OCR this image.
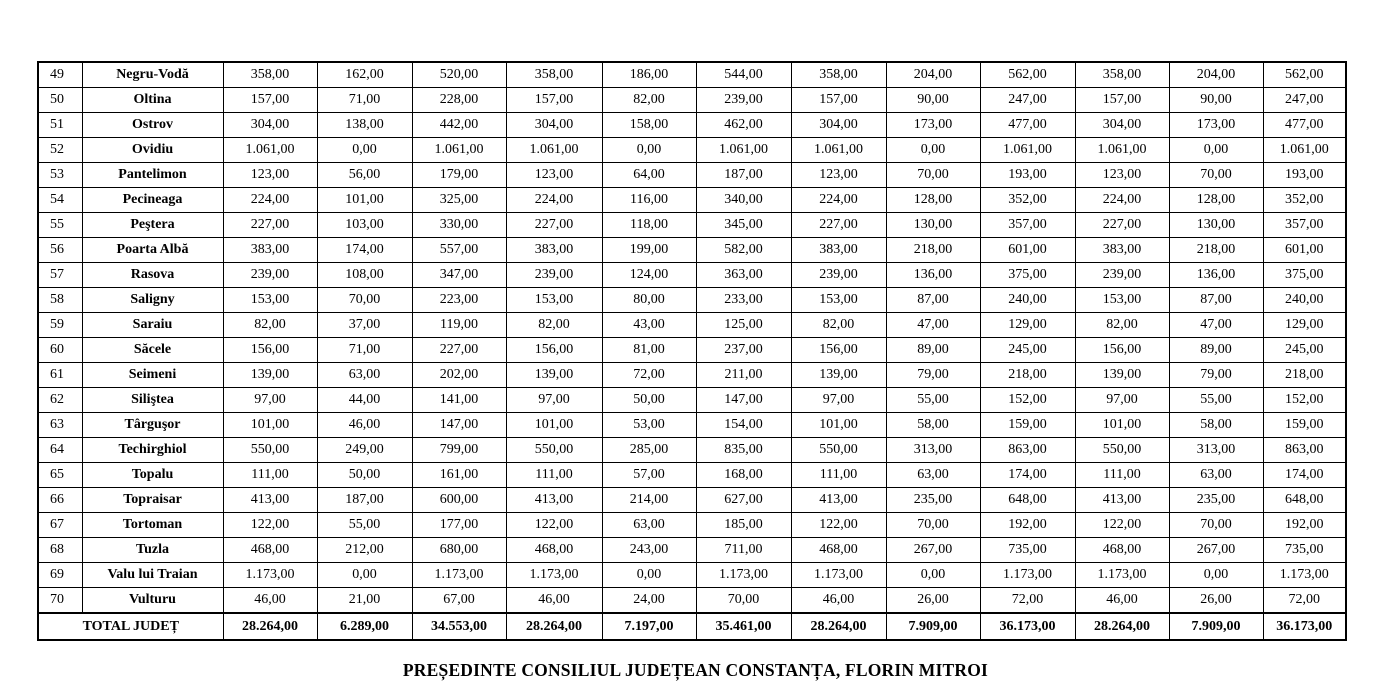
49	Negru-Vodă	358,00	162,00	520,00	358,00	186,00	544,00	358,00	204,00	562,00	358,00	204,00	562,00
50	Oltina	157,00	71,00	228,00	157,00	82,00	239,00	157,00	90,00	247,00	157,00	90,00	247,00
51	Ostrov	304,00	138,00	442,00	304,00	158,00	462,00	304,00	173,00	477,00	304,00	173,00	477,00
52	Ovidiu	1.061,00	0,00	1.061,00	1.061,00	0,00	1.061,00	1.061,00	0,00	1.061,00	1.061,00	0,00	1.061,00
53	Pantelimon	123,00	56,00	179,00	123,00	64,00	187,00	123,00	70,00	193,00	123,00	70,00	193,00
54	Pecineaga	224,00	101,00	325,00	224,00	116,00	340,00	224,00	128,00	352,00	224,00	128,00	352,00
55	Peştera	227,00	103,00	330,00	227,00	118,00	345,00	227,00	130,00	357,00	227,00	130,00	357,00
56	Poarta Albă	383,00	174,00	557,00	383,00	199,00	582,00	383,00	218,00	601,00	383,00	218,00	601,00
57	Rasova	239,00	108,00	347,00	239,00	124,00	363,00	239,00	136,00	375,00	239,00	136,00	375,00
58	Saligny	153,00	70,00	223,00	153,00	80,00	233,00	153,00	87,00	240,00	153,00	87,00	240,00
59	Saraiu	82,00	37,00	119,00	82,00	43,00	125,00	82,00	47,00	129,00	82,00	47,00	129,00
60	Săcele	156,00	71,00	227,00	156,00	81,00	237,00	156,00	89,00	245,00	156,00	89,00	245,00
61	Seimeni	139,00	63,00	202,00	139,00	72,00	211,00	139,00	79,00	218,00	139,00	79,00	218,00
62	Siliştea	97,00	44,00	141,00	97,00	50,00	147,00	97,00	55,00	152,00	97,00	55,00	152,00
63	Târguşor	101,00	46,00	147,00	101,00	53,00	154,00	101,00	58,00	159,00	101,00	58,00	159,00
64	Techirghiol	550,00	249,00	799,00	550,00	285,00	835,00	550,00	313,00	863,00	550,00	313,00	863,00
65	Topalu	111,00	50,00	161,00	111,00	57,00	168,00	111,00	63,00	174,00	111,00	63,00	174,00
66	Topraisar	413,00	187,00	600,00	413,00	214,00	627,00	413,00	235,00	648,00	413,00	235,00	648,00
67	Tortoman	122,00	55,00	177,00	122,00	63,00	185,00	122,00	70,00	192,00	122,00	70,00	192,00
68	Tuzla	468,00	212,00	680,00	468,00	243,00	711,00	468,00	267,00	735,00	468,00	267,00	735,00
69	Valu lui Traian	1.173,00	0,00	1.173,00	1.173,00	0,00	1.173,00	1.173,00	0,00	1.173,00	1.173,00	0,00	1.173,00
70	Vulturu	46,00	21,00	67,00	46,00	24,00	70,00	46,00	26,00	72,00	46,00	26,00	72,00
TOTAL JUDEȚ		28.264,00	6.289,00	34.553,00	28.264,00	7.197,00	35.461,00	28.264,00	7.909,00	36.173,00	28.264,00	7.909,00	36.173,00
PREȘEDINTE CONSILIUL JUDEȚEAN CONSTANȚA, FLORIN MITROI
